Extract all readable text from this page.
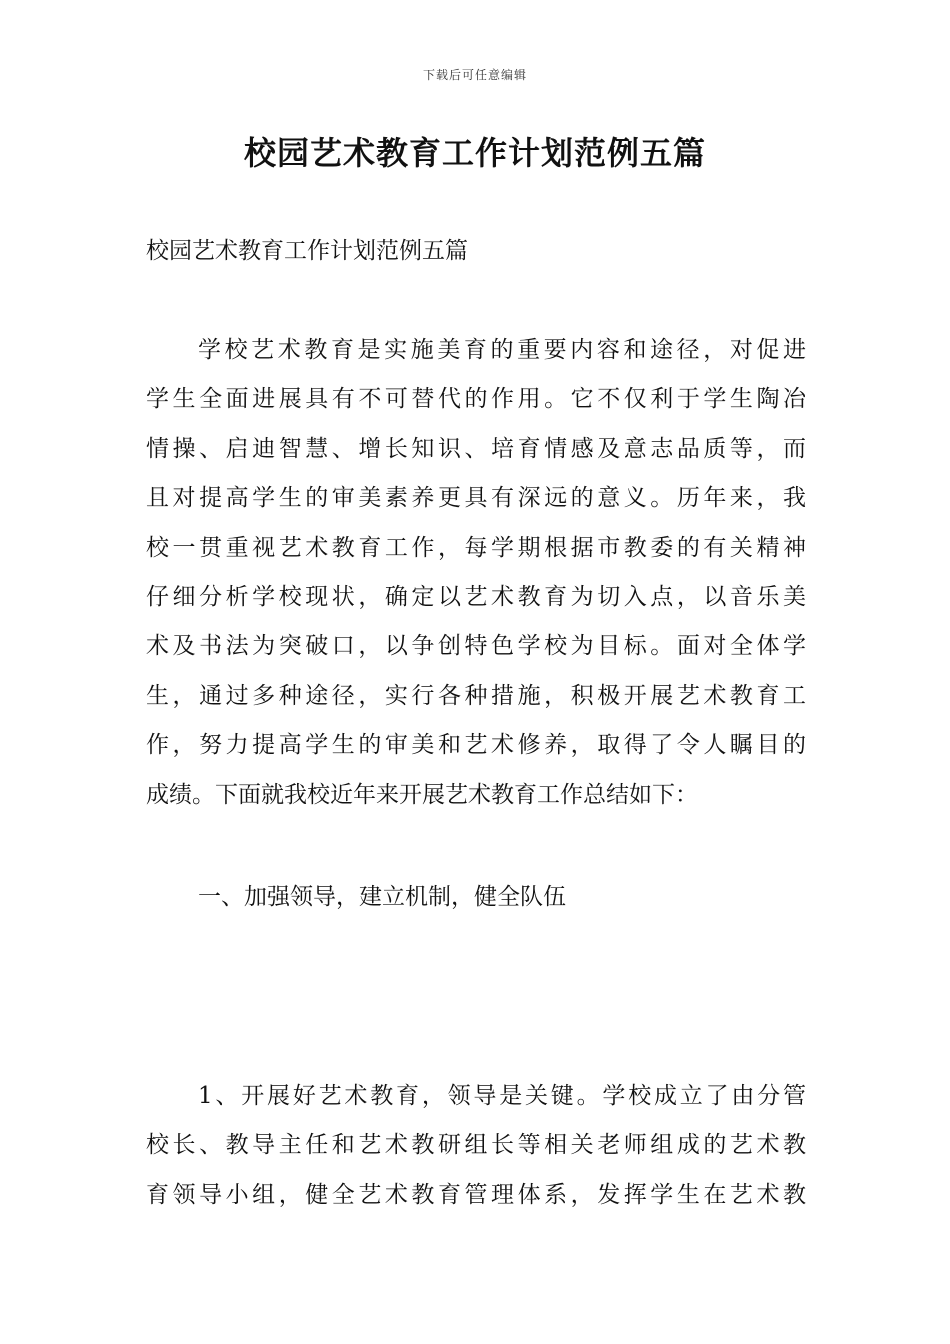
下载后可任意编辑
校园艺术教育工作计划范例五篇

校园艺术教育工作计划范例五篇

学校艺术教育是实施美育的重要内容和途径，对促进
学生全面进展具有不可替代的作用。它不仅利于学生陶冶
情操、启迪智慧、增长知识、培育情感及意志品质等，而
且对提高学生的审美素养更具有深远的意义。历年来，我
校一贯重视艺术教育工作，每学期根据市教委的有关精神
仔细分析学校现状，确定以艺术教育为切入点，以音乐美
术及书法为突破口，以争创特色学校为目标。面对全体学
生，通过多种途径，实行各种措施，积极开展艺术教育工
作，努力提高学生的审美和艺术修养，取得了令人瞩目的
成绩。下面就我校近年来开展艺术教育工作总结如下：
一、加强领导，建立机制，健全队伍
1、开展好艺术教育，领导是关键。学校成立了由分管
校长、教导主任和艺术教研组长等相关老师组成的艺术教
育领导小组，健全艺术教育管理体系，发挥学生在艺术教
